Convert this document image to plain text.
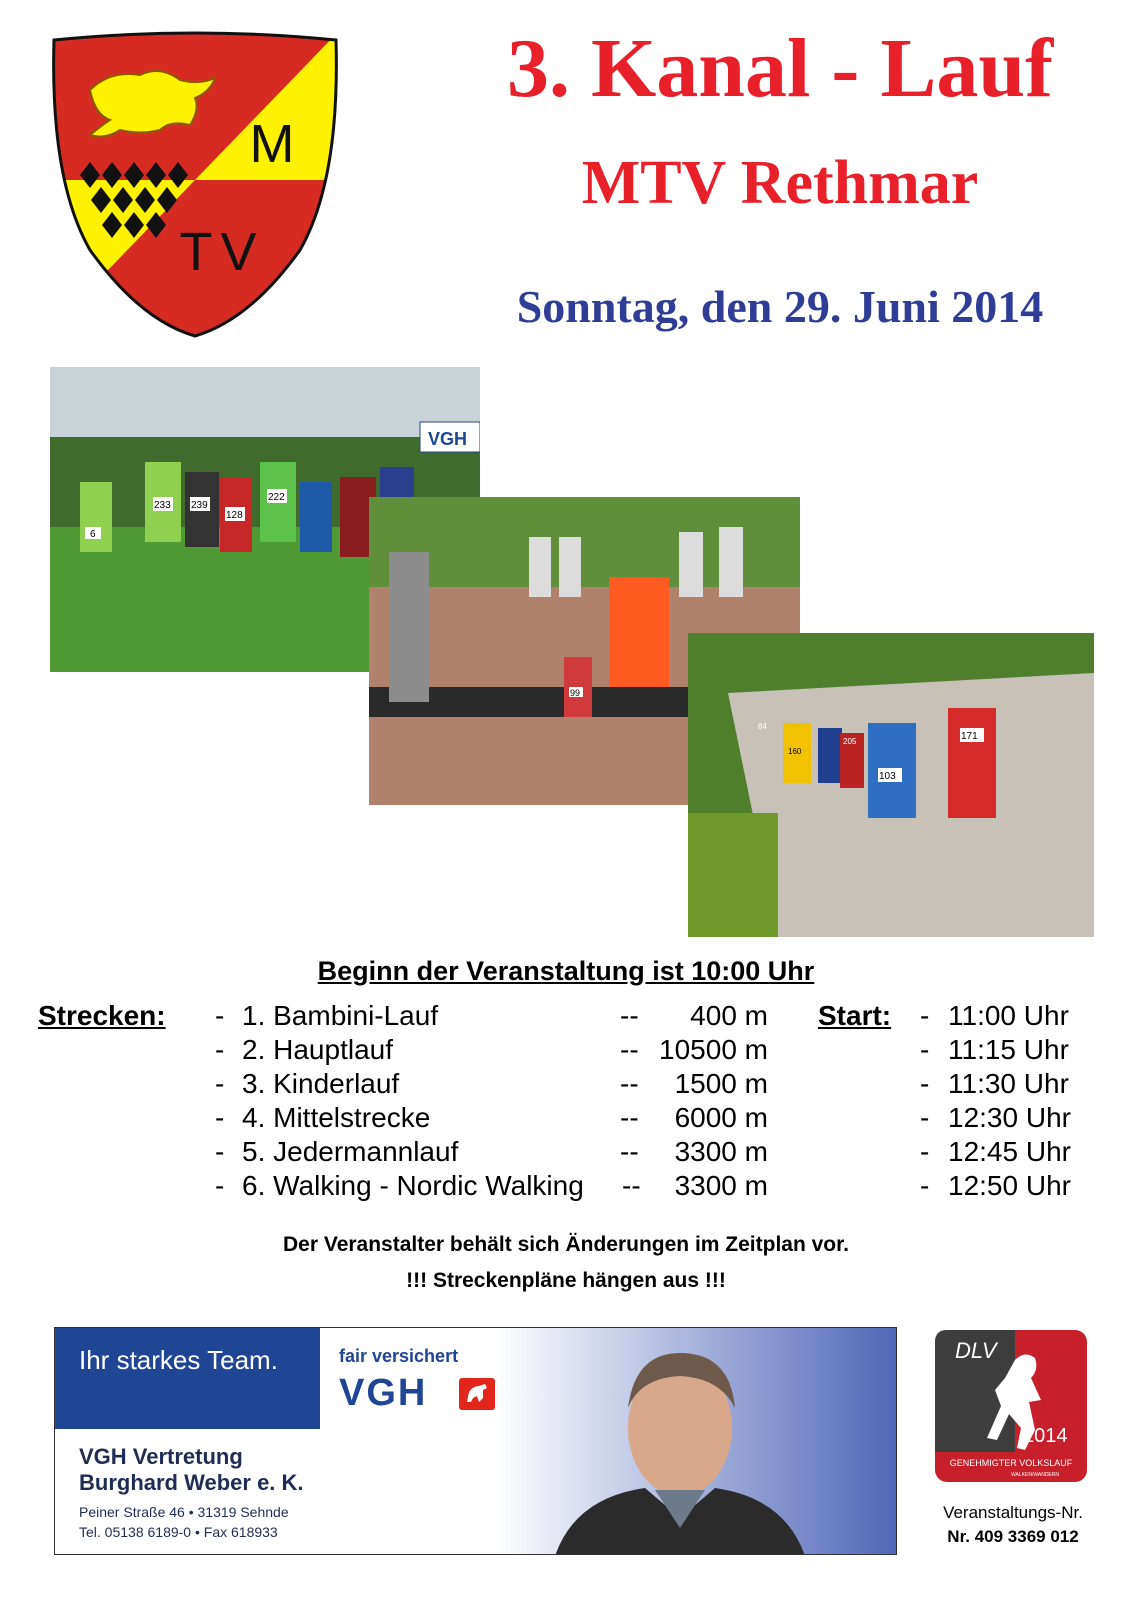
M
TV
3. Kanal - Lauf
MTV Rethmar
Sonntag, den 29. Juni 2014
VGH
233 239
128
222
6
99
103
171
205
84
160
Beginn der Veranstaltung ist 10:00 Uhr
Strecken:	Start:
- 1. Bambini-Lauf	--	400 m	- 11:00 Uhr
- 2. Hauptlauf	-- 10500 m	- 11:15 Uhr
- 3. Kinderlauf	--	1500 m	- 11:30 Uhr
- 4. Mittelstrecke	--	6000 m	- 12:30 Uhr
- 5. Jedermannlauf	--	3300 m	- 12:45 Uhr
- 6. Walking - Nordic Walking --	3300 m	- 12:50 Uhr
Der Veranstalter behält sich Änderungen im Zeitplan vor.
!!! Streckenpläne hängen aus !!!
Ihr starkes Team.	fair versichert
VGH
VGH Vertretung
Burghard Weber e. K.
Peiner Straße 46 • 31319 Sehnde
Tel. 05138 6189-0 • Fax 618933
DLV
2014
GENEHMIGTER VOLKSLAUF
WALKEN/WANDERN
Veranstaltungs-Nr.
Nr. 409 3369 012
